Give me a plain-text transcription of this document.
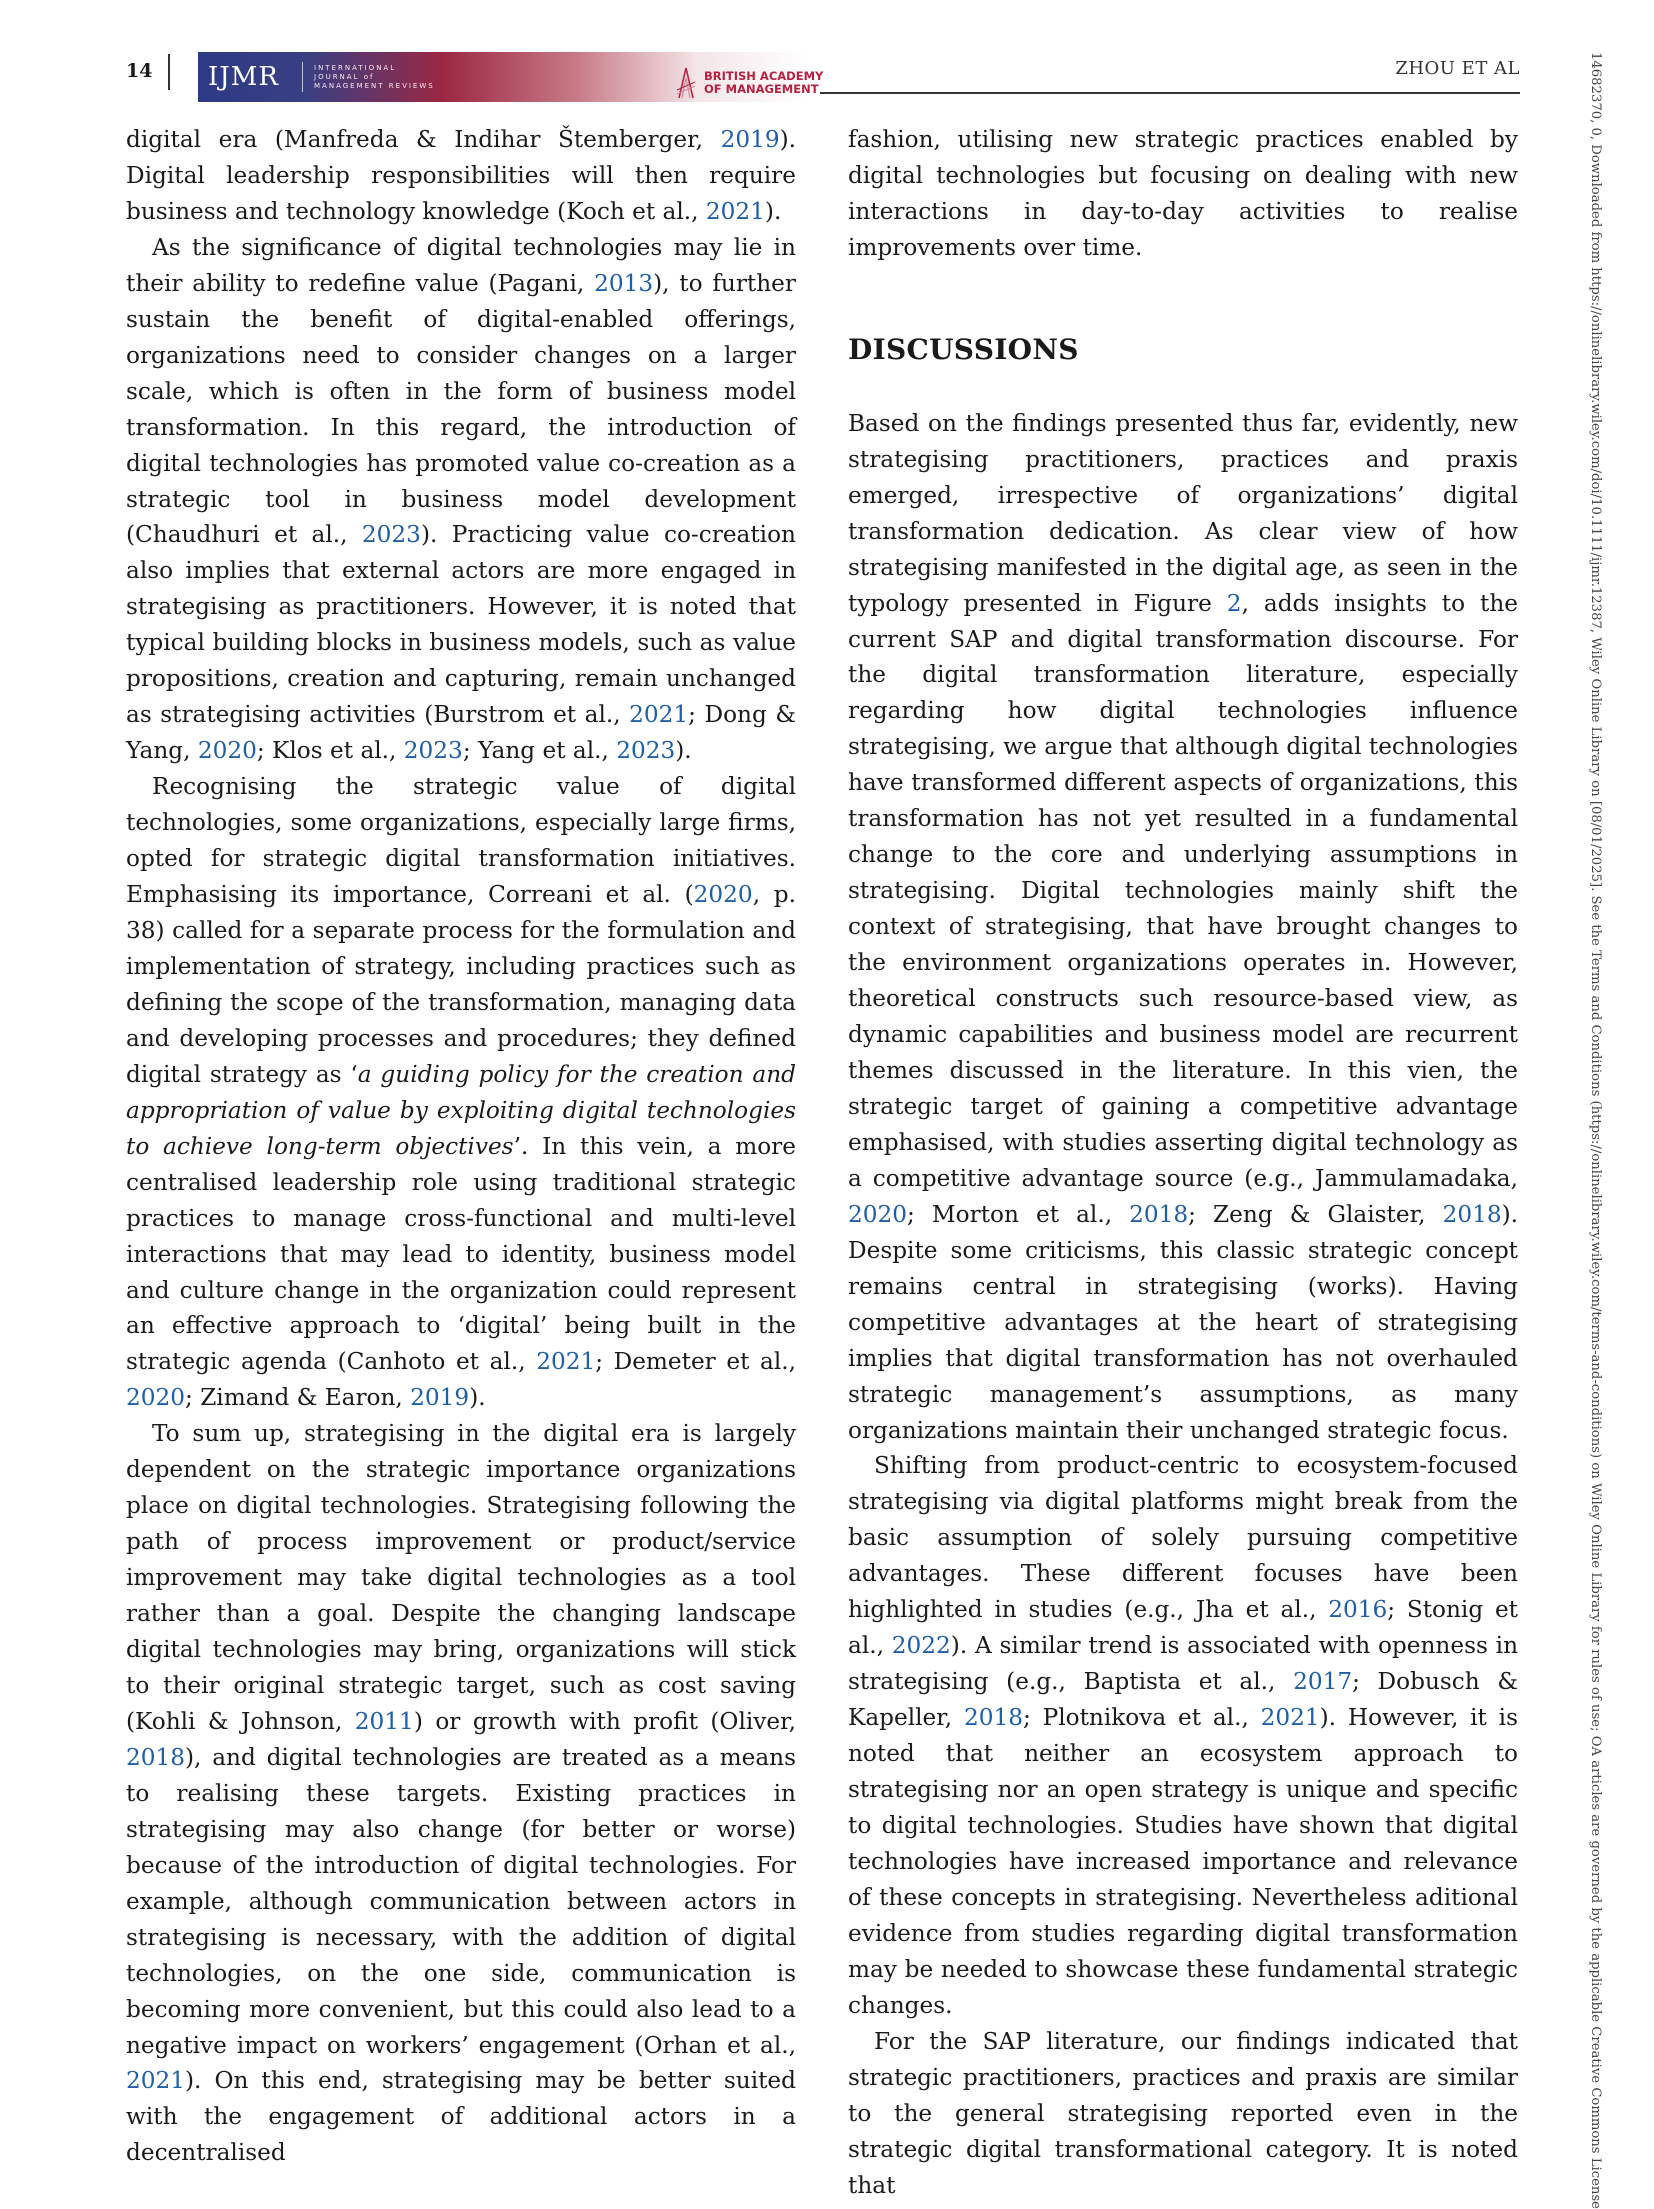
14 IJMR	INTERNATIONAL
JOURNAL of
MANAGEMENT REVIEWS
BRITISH ACADEMY
OF MANAGEMENT
ZHOU ET AL

digital era (Manfreda & Indihar Štemberger, 2019). Digital leadership responsibilities will then require business and technology knowledge (Koch et al., 2021).

As the significance of digital technologies may lie in their ability to redefine value (Pagani, 2013), to further sustain the benefit of digital-enabled offerings, organizations need to consider changes on a larger scale, which is often in the form of business model transformation. In this regard, the introduction of digital technologies has promoted value co-creation as a strategic tool in business model development (Chaudhuri et al., 2023). Practicing value co-creation also implies that external actors are more engaged in strategising as practitioners. However, it is noted that typical building blocks in business models, such as value propositions, creation and capturing, remain unchanged as strategising activities (Burstrom et al., 2021; Dong & Yang, 2020; Klos et al., 2023; Yang et al., 2023).

Recognising the strategic value of digital technologies, some organizations, especially large firms, opted for strategic digital transformation initiatives. Emphasising its importance, Correani et al. (2020, p. 38) called for a separate process for the formulation and implementation of strategy, including practices such as defining the scope of the transformation, managing data and developing processes and procedures; they defined digital strategy as ‘a guiding policy for the creation and appropriation of value by exploiting digital technologies to achieve long-term objectives’. In this vein, a more centralised leadership role using traditional strategic practices to manage cross-functional and multi-level interactions that may lead to identity, business model and culture change in the organization could represent an effective approach to ‘digital’ being built in the strategic agenda (Canhoto et al., 2021; Demeter et al., 2020; Zimand & Earon, 2019).

To sum up, strategising in the digital era is largely dependent on the strategic importance organizations place on digital technologies. Strategising following the path of process improvement or product/service improvement may take digital technologies as a tool rather than a goal. Despite the changing landscape digital technologies may bring, organizations will stick to their original strategic target, such as cost saving (Kohli & Johnson, 2011) or growth with profit (Oliver, 2018), and digital technologies are treated as a means to realising these targets. Existing practices in strategising may also change (for better or worse) because of the introduction of digital technologies. For example, although communication between actors in strategising is necessary, with the addition of digital technologies, on the one side, communication is becoming more convenient, but this could also lead to a negative impact on workers’ engagement (Orhan et al., 2021). On this end, strategising may be better suited with the engagement of additional actors in a decentralised

fashion, utilising new strategic practices enabled by digital technologies but focusing on dealing with new interactions in day-to-day activities to realise improvements over time.

DISCUSSIONS

Based on the findings presented thus far, evidently, new strategising practitioners, practices and praxis emerged, irrespective of organizations’ digital transformation dedication. As clear view of how strategising manifested in the digital age, as seen in the typology presented in Figure 2, adds insights to the current SAP and digital transformation discourse. For the digital transformation literature, especially regarding how digital technologies influence strategising, we argue that although digital technologies have transformed different aspects of organizations, this transformation has not yet resulted in a fundamental change to the core and underlying assumptions in strategising. Digital technologies mainly shift the context of strategising, that have brought changes to the environment organizations operates in. However, theoretical constructs such resource-based view, as dynamic capabilities and business model are recurrent themes discussed in the literature. In this vien, the strategic target of gaining a competitive advantage emphasised, with studies asserting digital technology as a competitive advantage source (e.g., Jammulamadaka, 2020; Morton et al., 2018; Zeng & Glaister, 2018). Despite some criticisms, this classic strategic concept remains central in strategising (works). Having competitive advantages at the heart of strategising implies that digital transformation has not overhauled strategic management’s assumptions, as many organizations maintain their unchanged strategic focus.

Shifting from product-centric to ecosystem-focused strategising via digital platforms might break from the basic assumption of solely pursuing competitive advantages. These different focuses have been highlighted in studies (e.g., Jha et al., 2016; Stonig et al., 2022). A similar trend is associated with openness in strategising (e.g., Baptista et al., 2017; Dobusch & Kapeller, 2018; Plotnikova et al., 2021). However, it is noted that neither an ecosystem approach to strategising nor an open strategy is unique and specific to digital technologies. Studies have shown that digital technologies have increased importance and relevance of these concepts in strategising. Nevertheless aditional evidence from studies regarding digital transformation may be needed to showcase these fundamental strategic changes.

For the SAP literature, our findings indicated that strategic practitioners, practices and praxis are similar to the general strategising reported even in the strategic digital transformational category. It is noted that	14682370, 0, Downloaded from https://onlinelibrary.wiley.com/doi/10.1111/ijmr.12387, Wiley Online Library on [08/01/2025]. See the Terms and Conditions (https://onlinelibrary.wiley.com/terms-and-conditions) on Wiley Online Library for rules of use; OA articles are governed by the applicable Creative Commons License
